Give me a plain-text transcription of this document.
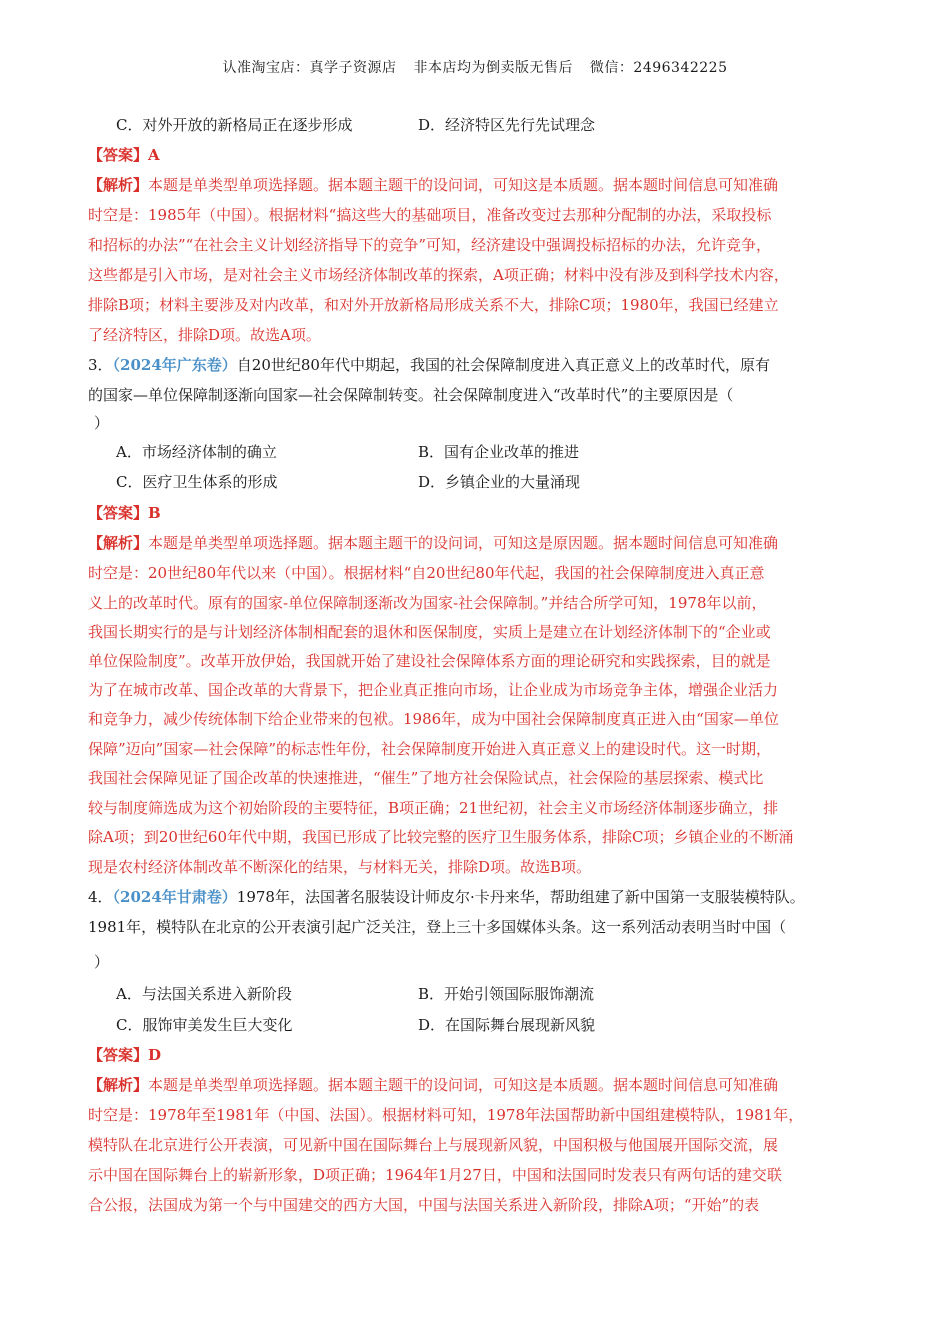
认准淘宝店：真学子资源店 非本店均为倒卖版无售后 微信：2496342225
C．对外开放的新格局正在逐步形成	D．经济特区先行先试理念
【答案】A
【解析】本题是单类型单项选择题。据本题主题干的设问词，可知这是本质题。据本题时间信息可知准确
时空是：1985年（中国）。根据材料“搞这些大的基础项目，准备改变过去那种分配制的办法，采取投标
和招标的办法”“在社会主义计划经济指导下的竞争”可知，经济建设中强调投标招标的办法，允许竞争，
这些都是引入市场，是对社会主义市场经济体制改革的探索，A项正确；材料中没有涉及到科学技术内容，
排除B项；材料主要涉及对内改革，和对外开放新格局形成关系不大，排除C项；1980年，我国已经建立
了经济特区，排除D项。故选A项。
3．（2024年广东卷）自20世纪80年代中期起，我国的社会保障制度进入真正意义上的改革时代，原有
的国家—单位保障制逐渐向国家—社会保障制转变。社会保障制度进入“改革时代”的主要原因是（
）
A．市场经济体制的确立	B．国有企业改革的推进
C．医疗卫生体系的形成	D．乡镇企业的大量涌现
【答案】B
【解析】本题是单类型单项选择题。据本题主题干的设问词，可知这是原因题。据本题时间信息可知准确
时空是：20世纪80年代以来（中国）。根据材料“自20世纪80年代起，我国的社会保障制度进入真正意
义上的改革时代。原有的国家-单位保障制逐渐改为国家-社会保障制。”并结合所学可知，1978年以前，
我国长期实行的是与计划经济体制相配套的退休和医保制度，实质上是建立在计划经济体制下的“企业或
单位保险制度”。改革开放伊始，我国就开始了建设社会保障体系方面的理论研究和实践探索，目的就是
为了在城市改革、国企改革的大背景下，把企业真正推向市场，让企业成为市场竞争主体，增强企业活力
和竞争力，减少传统体制下给企业带来的包袱。1986年，成为中国社会保障制度真正进入由“国家—单位
保障”迈向”国家—社会保障”的标志性年份，社会保障制度开始进入真正意义上的建设时代。这一时期，
我国社会保障见证了国企改革的快速推进，“催生”了地方社会保险试点，社会保险的基层探索、模式比
较与制度筛选成为这个初始阶段的主要特征，B项正确；21世纪初，社会主义市场经济体制逐步确立，排
除A项；到20世纪60年代中期，我国已形成了比较完整的医疗卫生服务体系，排除C项；乡镇企业的不断涌
现是农村经济体制改革不断深化的结果，与材料无关，排除D项。故选B项。
4．（2024年甘肃卷）1978年，法国著名服装设计师皮尔·卡丹来华，帮助组建了新中国第一支服装模特队。
1981年，模特队在北京的公开表演引起广泛关注，登上三十多国媒体头条。这一系列活动表明当时中国（
）
A．与法国关系进入新阶段	B．开始引领国际服饰潮流
C．服饰审美发生巨大变化	D．在国际舞台展现新风貌
【答案】D
【解析】本题是单类型单项选择题。据本题主题干的设问词，可知这是本质题。据本题时间信息可知准确
时空是：1978年至1981年（中国、法国）。根据材料可知，1978年法国帮助新中国组建模特队，1981年，
模特队在北京进行公开表演，可见新中国在国际舞台上与展现新风貌，中国积极与他国展开国际交流，展
示中国在国际舞台上的崭新形象，D项正确；1964年1月27日，中国和法国同时发表只有两句话的建交联
合公报，法国成为第一个与中国建交的西方大国，中国与法国关系进入新阶段，排除A项；“开始”的表
